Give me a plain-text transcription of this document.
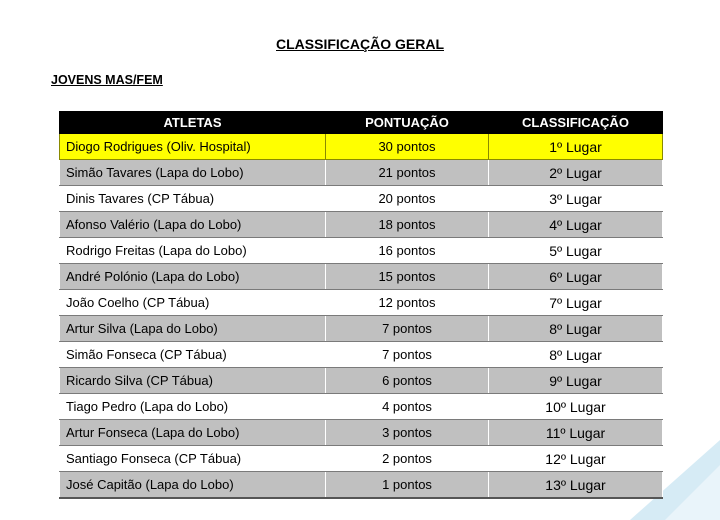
CLASSIFICAÇÃO GERAL
JOVENS MAS/FEM
ATLETAS	PONTUAÇÃO	CLASSIFICAÇÃO
Diogo Rodrigues (Oliv. Hospital)	30 pontos	1º Lugar
Simão Tavares (Lapa do Lobo)	21 pontos	2º Lugar
Dinis Tavares (CP Tábua)	20 pontos	3º Lugar
Afonso Valério (Lapa do Lobo)	18 pontos	4º Lugar
Rodrigo Freitas (Lapa do Lobo)	16 pontos	5º Lugar
André Polónio (Lapa do Lobo)	15 pontos	6º Lugar
João Coelho (CP Tábua)	12 pontos	7º Lugar
Artur Silva (Lapa do Lobo)	7 pontos	8º Lugar
Simão Fonseca (CP Tábua)	7 pontos	8º Lugar
Ricardo Silva (CP Tábua)	6 pontos	9º Lugar
Tiago Pedro (Lapa do Lobo)	4 pontos	10º Lugar
Artur Fonseca (Lapa do Lobo)	3 pontos	11º Lugar
Santiago Fonseca (CP Tábua)	2 pontos	12º Lugar
José Capitão (Lapa do Lobo)	1 pontos	13º Lugar
